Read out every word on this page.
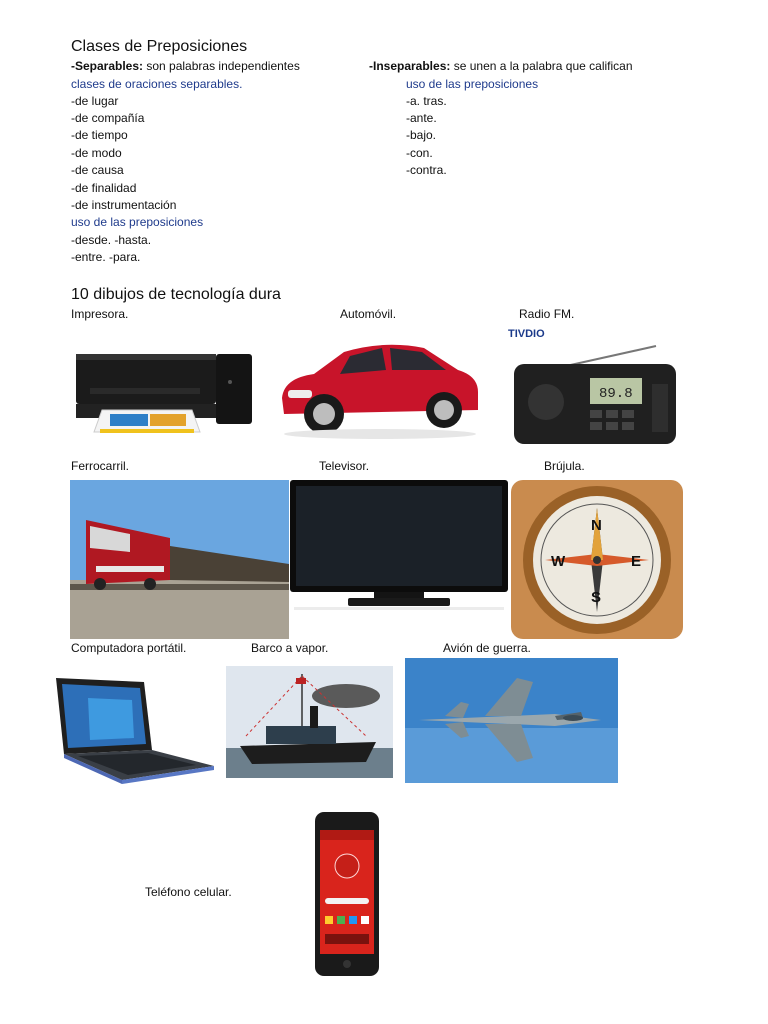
Clases de Preposiciones
-Separables: son palabras independientes
clases de oraciones separables.
-de lugar
-de compañía
-de tiempo
-de modo
-de causa
-de finalidad
-de instrumentación
uso de las preposiciones
-desde. -hasta.
-entre. -para.
-Inseparables: se unen a la palabra que califican
uso de las preposiciones
-a. tras.
-ante.
-bajo.
-con.
-contra.
10 dibujos de tecnología dura
Impresora.	Automóvil.	Radio FM.
TIVDIO
89.8
Ferrocarril.	Televisor.	Brújula.
N
S
E
W
Computadora portátil.	Barco a vapor.	Avión de guerra.
Teléfono celular.
